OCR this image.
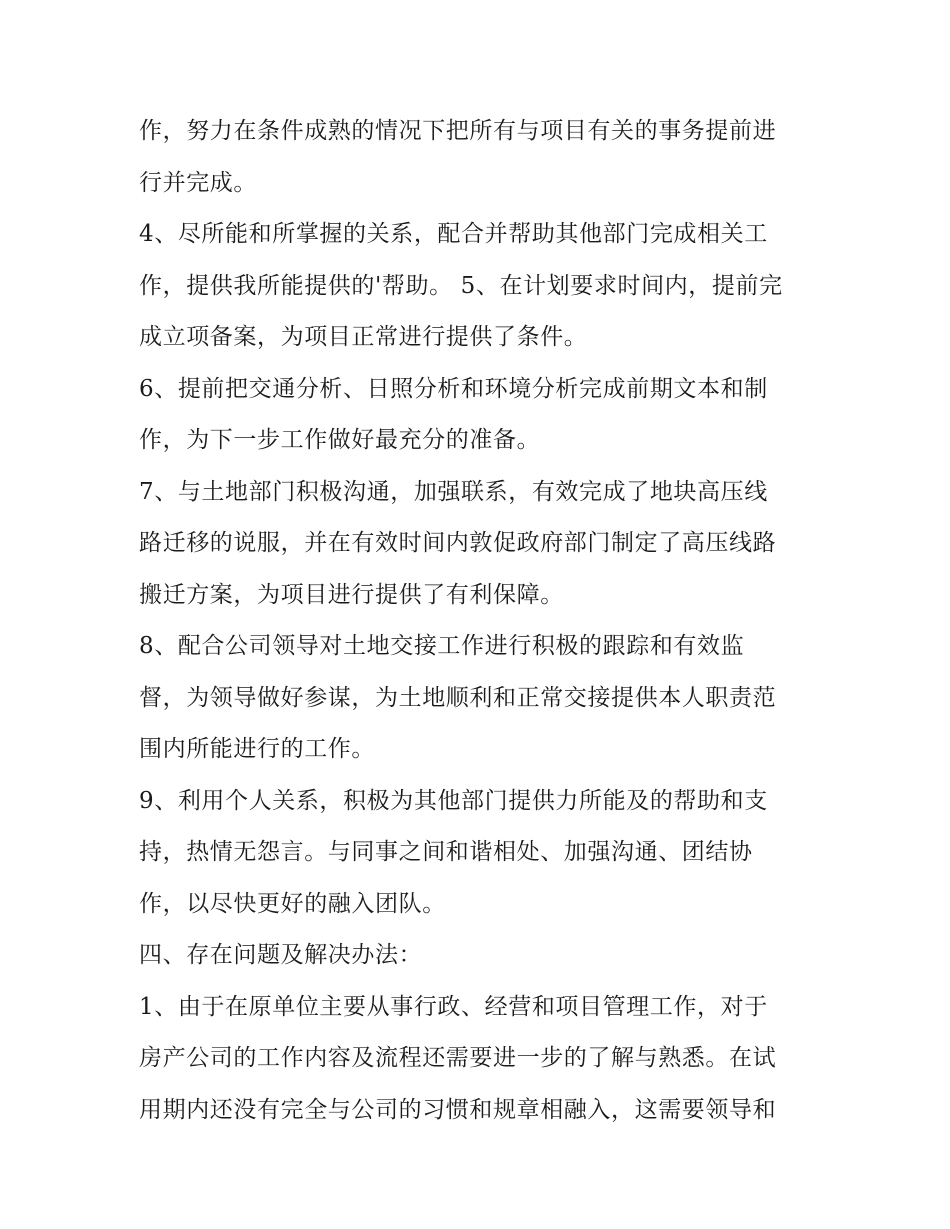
作，努力在条件成熟的情况下把所有与项目有关的事务提前进
行并完成。
4、尽所能和所掌握的关系，配合并帮助其他部门完成相关工
作，提供我所能提供的'帮助。 5、在计划要求时间内，提前完
成立项备案，为项目正常进行提供了条件。
6、提前把交通分析、日照分析和环境分析完成前期文本和制
作，为下一步工作做好最充分的准备。
7、与土地部门积极沟通，加强联系，有效完成了地块高压线
路迁移的说服，并在有效时间内敦促政府部门制定了高压线路
搬迁方案，为项目进行提供了有利保障。
8、配合公司领导对土地交接工作进行积极的跟踪和有效监
督，为领导做好参谋，为土地顺利和正常交接提供本人职责范
围内所能进行的工作。
9、利用个人关系，积极为其他部门提供力所能及的帮助和支
持，热情无怨言。与同事之间和谐相处、加强沟通、团结协
作，以尽快更好的融入团队。
四、存在问题及解决办法：
1、由于在原单位主要从事行政、经营和项目管理工作，对于
房产公司的工作内容及流程还需要进一步的了解与熟悉。在试
用期内还没有完全与公司的习惯和规章相融入，这需要领导和
